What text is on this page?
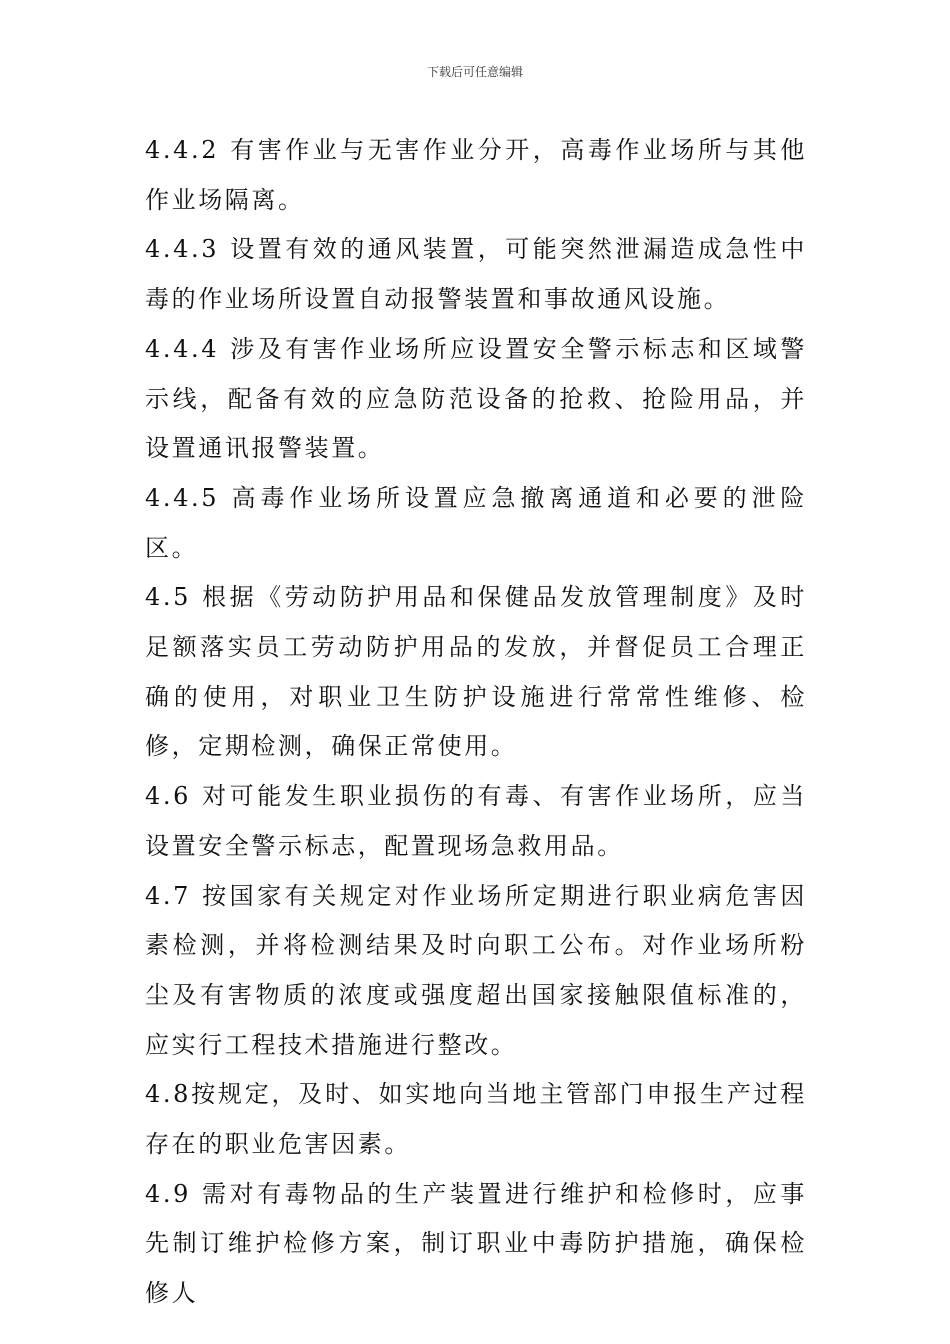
下载后可任意编辑

4.4.2 有害作业与无害作业分开，高毒作业场所与其他作业场隔离。

4.4.3 设置有效的通风装置，可能突然泄漏造成急性中毒的作业场所设置自动报警装置和事故通风设施。

4.4.4 涉及有害作业场所应设置安全警示标志和区域警示线，配备有效的应急防范设备的抢救、抢险用品，并设置通讯报警装置。

4.4.5 高毒作业场所设置应急撤离通道和必要的泄险区。

4.5 根据《劳动防护用品和保健品发放管理制度》及时足额落实员工劳动防护用品的发放，并督促员工合理正确的使用，对职业卫生防护设施进行常常性维修、检修，定期检测，确保正常使用。

4.6 对可能发生职业损伤的有毒、有害作业场所，应当设置安全警示标志，配置现场急救用品。

4.7 按国家有关规定对作业场所定期进行职业病危害因素检测，并将检测结果及时向职工公布。对作业场所粉尘及有害物质的浓度或强度超出国家接触限值标准的，应实行工程技术措施进行整改。

4.8按规定，及时、如实地向当地主管部门申报生产过程存在的职业危害因素。

4.9 需对有毒物品的生产装置进行维护和检修时，应事先制订维护检修方案，制订职业中毒防护措施，确保检修人
